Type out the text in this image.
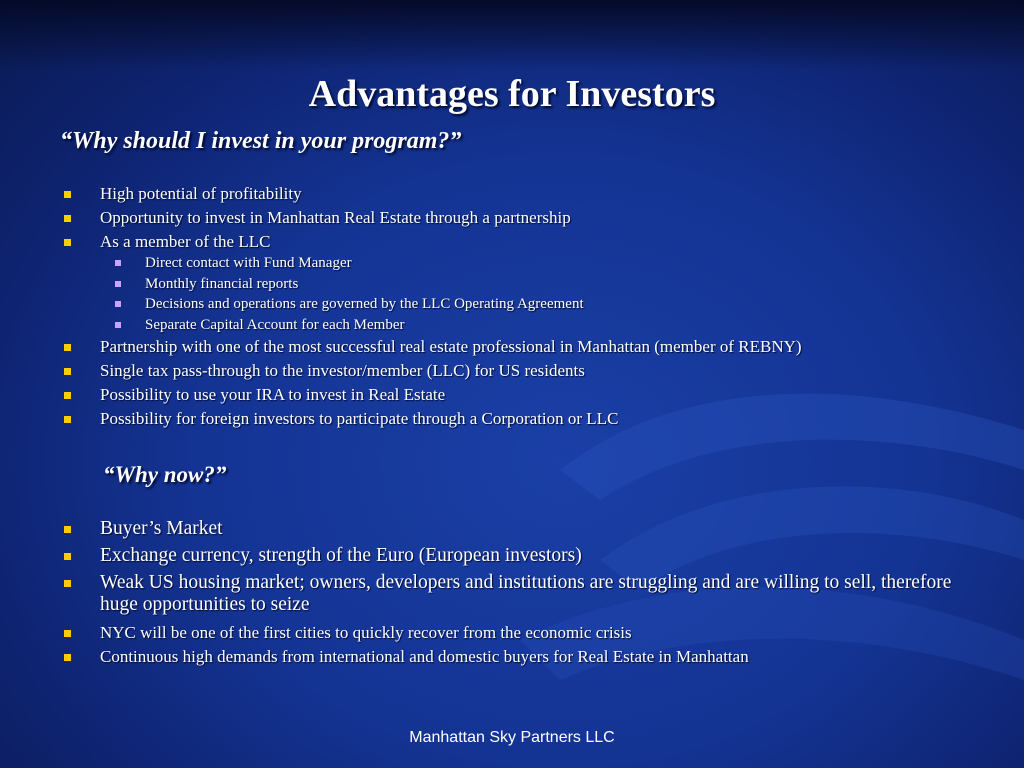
Advantages for Investors
“Why should I invest in your program?”
High potential of profitability
Opportunity to invest in Manhattan Real Estate through a partnership
As a member of the LLC
Direct contact with Fund Manager
Monthly financial reports
Decisions and operations are governed by the LLC Operating Agreement
Separate Capital Account for each Member
Partnership with one of the most successful real estate professional in Manhattan (member of REBNY)
Single tax pass-through to the investor/member (LLC) for US residents
Possibility to use your IRA to invest in Real Estate
Possibility for foreign investors to participate through a Corporation or LLC
“Why now?”
Buyer’s Market
Exchange currency, strength of the Euro (European investors)
Weak US housing market; owners, developers and institutions are struggling and are willing to sell, therefore huge opportunities to seize
NYC will be one of the first cities to quickly recover from the economic crisis
Continuous high demands from international and domestic buyers for Real Estate in Manhattan
Manhattan Sky Partners LLC
